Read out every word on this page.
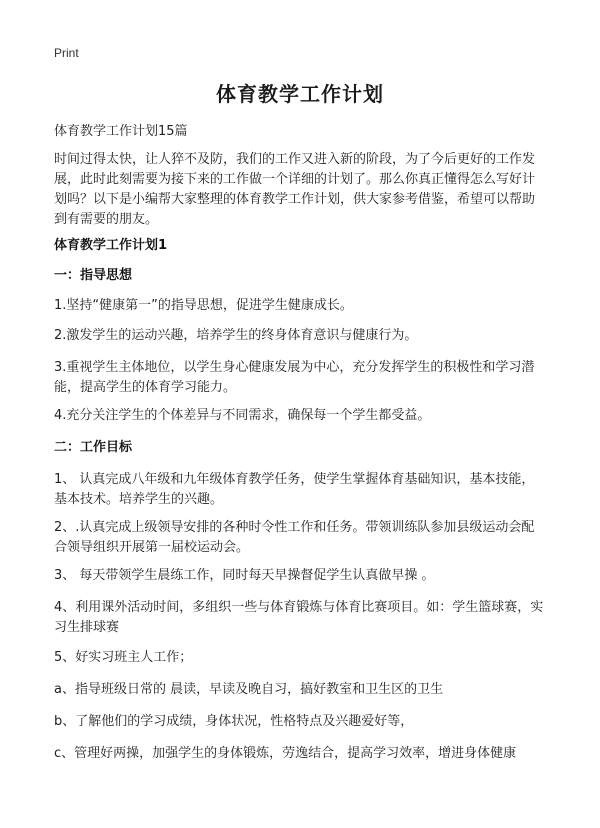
Print
体育教学工作计划

体育教学工作计划15篇

时间过得太快，让人猝不及防，我们的工作又进入新的阶段，为了今后更好的工作发展，此时此刻需要为接下来的工作做一个详细的计划了。那么你真正懂得怎么写好计划吗？以下是小编帮大家整理的体育教学工作计划，供大家参考借鉴，希望可以帮助到有需要的朋友。

体育教学工作计划1

一：指导思想

1.坚持“健康第一”的指导思想，促进学生健康成长。

2.激发学生的运动兴趣，培养学生的终身体育意识与健康行为。

3.重视学生主体地位，以学生身心健康发展为中心，充分发挥学生的积极性和学习潜能，提高学生的体育学习能力。

4.充分关注学生的个体差异与不同需求，确保每一个学生都受益。

二：工作目标

1、 认真完成八年级和九年级体育教学任务，使学生掌握体育基础知识，基本技能，基本技术。培养学生的兴趣。

2、.认真完成上级领导安排的各种时令性工作和任务。带领训练队参加县级运动会配合领导组织开展第一届校运动会。

3、 每天带领学生晨练工作，同时每天早操督促学生认真做早操 。

4、利用课外活动时间，多组织一些与体育锻炼与体育比赛项目。如：学生篮球赛，实习生排球赛

5、好实习班主人工作；

a、指导班级日常的 晨读，早读及晚自习，搞好教室和卫生区的卫生

b、了解他们的学习成绩，身体状况，性格特点及兴趣爱好等，

c、管理好两操，加强学生的身体锻炼，劳逸结合，提高学习效率，增进身体健康
